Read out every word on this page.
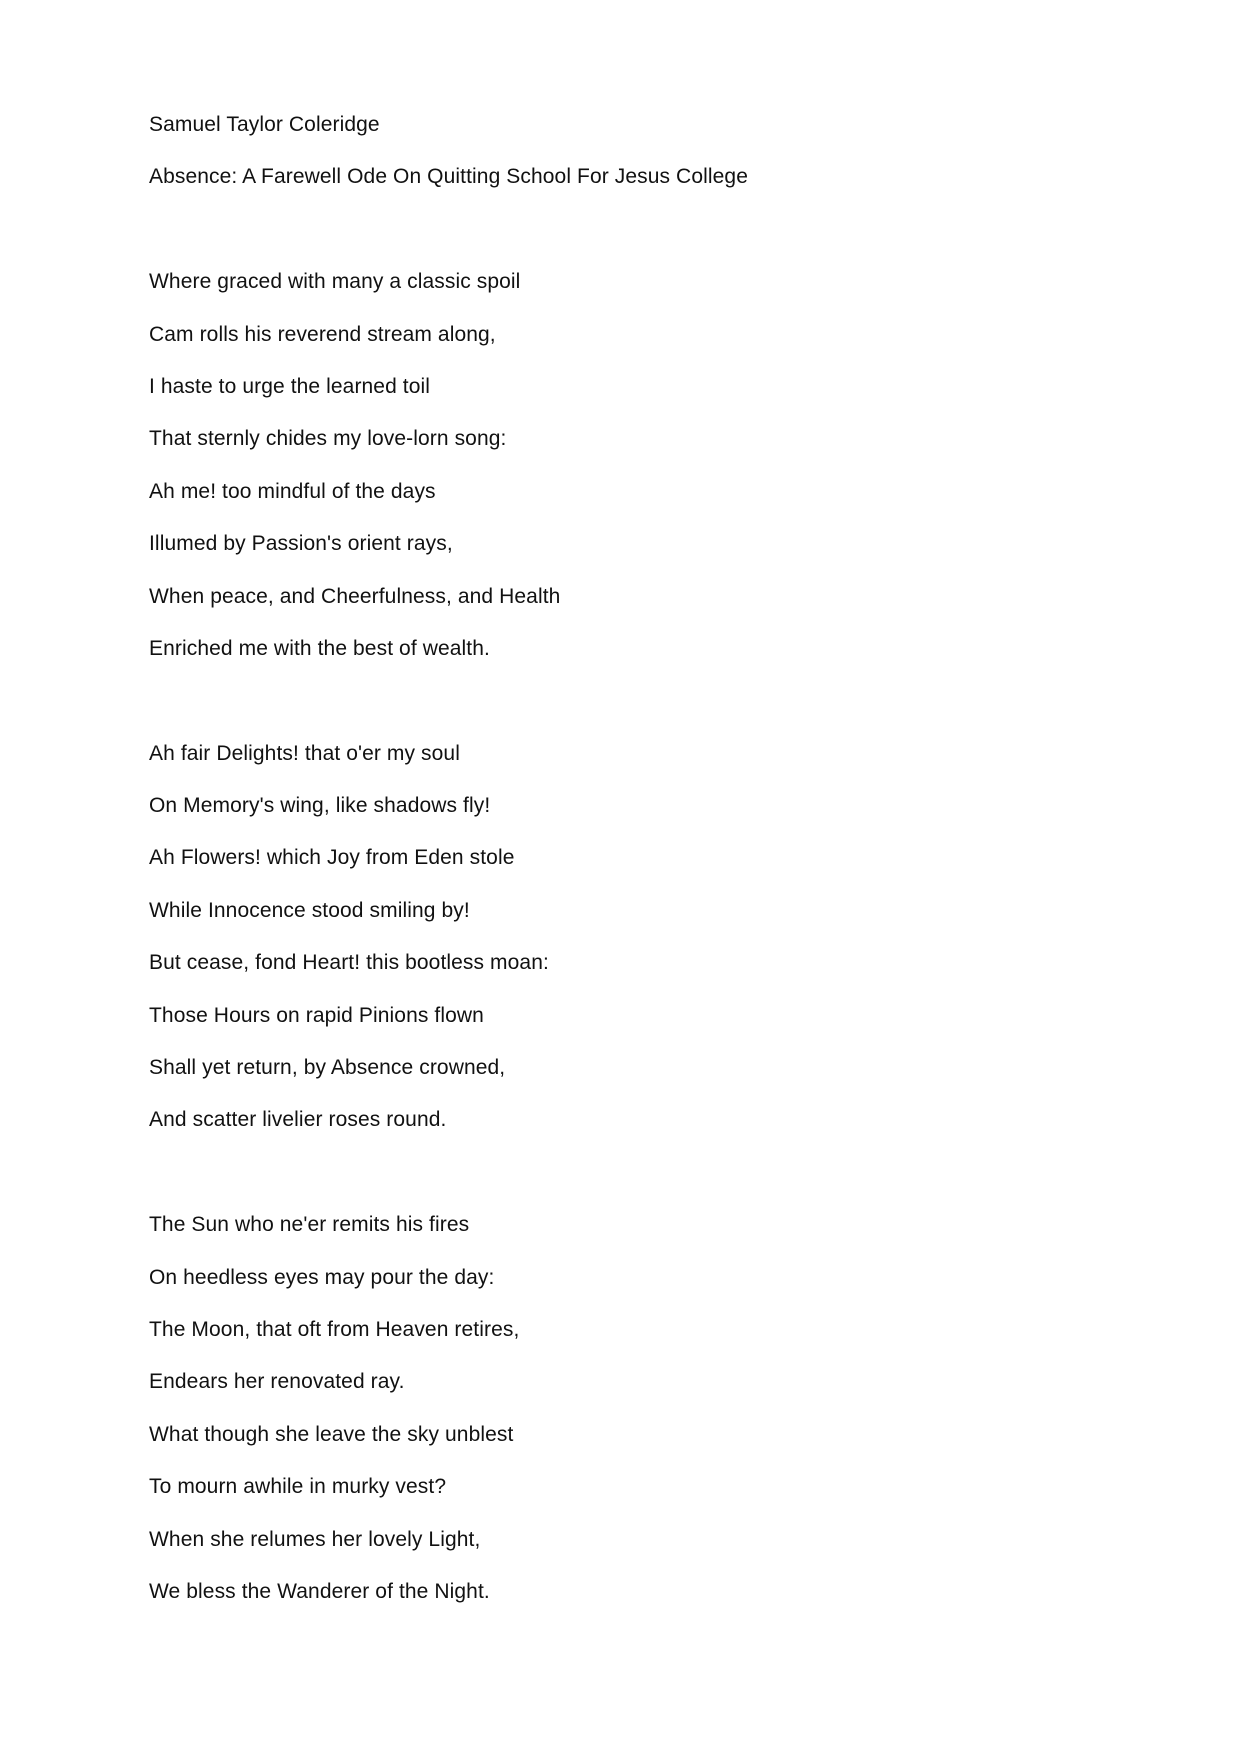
Samuel Taylor Coleridge
Absence: A Farewell Ode On Quitting School For Jesus College
Where graced with many a classic spoil
Cam rolls his reverend stream along,
I haste to urge the learned toil
That sternly chides my love-lorn song:
Ah me! too mindful of the days
Illumed by Passion's orient rays,
When peace, and Cheerfulness, and Health
Enriched me with the best of wealth.
Ah fair Delights! that o'er my soul
On Memory's wing, like shadows fly!
Ah Flowers! which Joy from Eden stole
While Innocence stood smiling by!
But cease, fond Heart! this bootless moan:
Those Hours on rapid Pinions flown
Shall yet return, by Absence crowned,
And scatter livelier roses round.
The Sun who ne'er remits his fires
On heedless eyes may pour the day:
The Moon, that oft from Heaven retires,
Endears her renovated ray.
What though she leave the sky unblest
To mourn awhile in murky vest?
When she relumes her lovely Light,
We bless the Wanderer of the Night.
